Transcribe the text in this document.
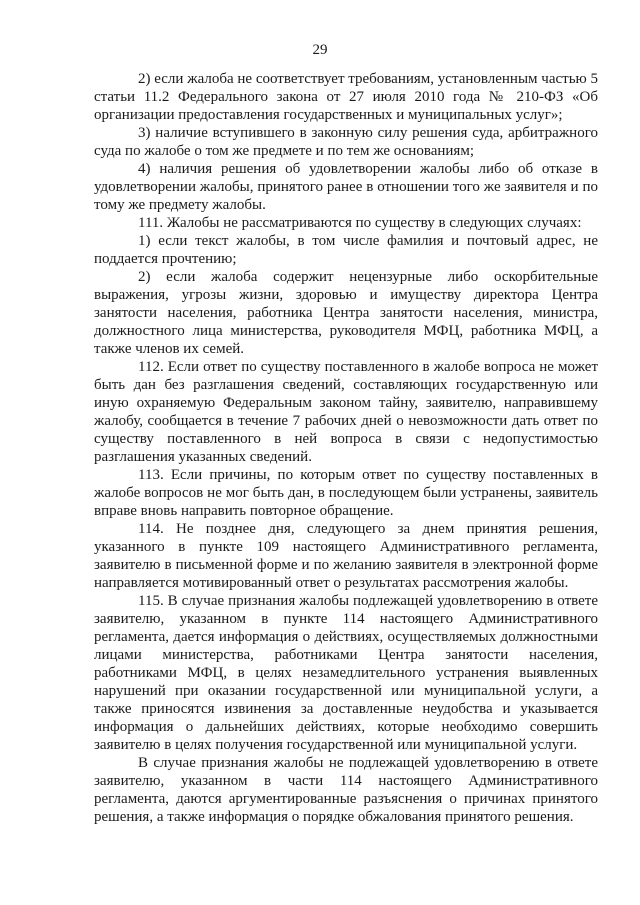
29

2) если жалоба не соответствует требованиям, установленным частью 5 статьи 11.2 Федерального закона от 27 июля 2010 года № 210-ФЗ «Об организации предоставления государственных и муниципальных услуг»;

3) наличие вступившего в законную силу решения суда, арбитражного суда по жалобе о том же предмете и по тем же основаниям;

4) наличия решения об удовлетворении жалобы либо об отказе в удовлетворении жалобы, принятого ранее в отношении того же заявителя и по тому же предмету жалобы.

111. Жалобы не рассматриваются по существу в следующих случаях:

1) если текст жалобы, в том числе фамилия и почтовый адрес, не поддается прочтению;

2) если жалоба содержит нецензурные либо оскорбительные выражения, угрозы жизни, здоровью и имуществу директора Центра занятости населения, работника Центра занятости населения, министра, должностного лица министерства, руководителя МФЦ, работника МФЦ, а также членов их семей.

112. Если ответ по существу поставленного в жалобе вопроса не может быть дан без разглашения сведений, составляющих государственную или иную охраняемую Федеральным законом тайну, заявителю, направившему жалобу, сообщается в течение 7 рабочих дней о невозможности дать ответ по существу поставленного в ней вопроса в связи с недопустимостью разглашения указанных сведений.

113. Если причины, по которым ответ по существу поставленных в жалобе вопросов не мог быть дан, в последующем были устранены, заявитель вправе вновь направить повторное обращение.

114. Не позднее дня, следующего за днем принятия решения, указанного в пункте 109 настоящего Административного регламента, заявителю в письменной форме и по желанию заявителя в электронной форме направляется мотивированный ответ о результатах рассмотрения жалобы.

115. В случае признания жалобы подлежащей удовлетворению в ответе заявителю, указанном в пункте 114 настоящего Административного регламента, дается информация о действиях, осуществляемых должностными лицами министерства, работниками Центра занятости населения, работниками МФЦ, в целях незамедлительного устранения выявленных нарушений при оказании государственной или муниципальной услуги, а также приносятся извинения за доставленные неудобства и указывается информация о дальнейших действиях, которые необходимо совершить заявителю в целях получения государственной или муниципальной услуги.

В случае признания жалобы не подлежащей удовлетворению в ответе заявителю, указанном в части 114 настоящего Административного регламента, даются аргументированные разъяснения о причинах принятого решения, а также информация о порядке обжалования принятого решения.
